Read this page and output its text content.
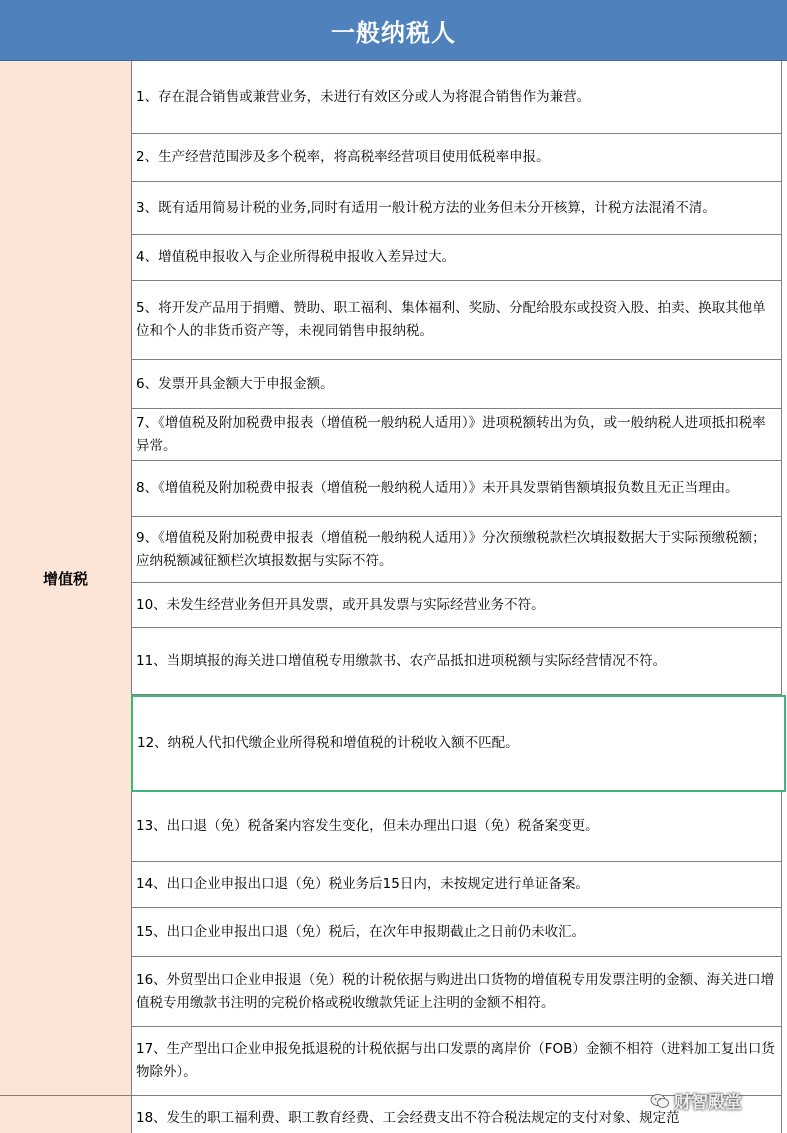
一般纳税人
增值税
1、存在混合销售或兼营业务，未进行有效区分或人为将混合销售作为兼营。
2、生产经营范围涉及多个税率，将高税率经营项目使用低税率申报。
3、既有适用简易计税的业务,同时有适用一般计税方法的业务但未分开核算，计税方法混淆不清。
4、增值税申报收入与企业所得税申报收入差异过大。
5、将开发产品用于捐赠、赞助、职工福利、集体福利、奖励、分配给股东或投资入股、拍卖、换取其他单位和个人的非货币资产等，未视同销售申报纳税。
6、发票开具金额大于申报金额。
7、《增值税及附加税费申报表（增值税一般纳税人适用）》进项税额转出为负，或一般纳税人进项抵扣税率异常。
8、《增值税及附加税费申报表（增值税一般纳税人适用）》未开具发票销售额填报负数且无正当理由。
9、《增值税及附加税费申报表（增值税一般纳税人适用）》分次预缴税款栏次填报数据大于实际预缴税额；应纳税额减征额栏次填报数据与实际不符。
10、未发生经营业务但开具发票，或开具发票与实际经营业务不符。
11、当期填报的海关进口增值税专用缴款书、农产品抵扣进项税额与实际经营情况不符。
12、纳税人代扣代缴企业所得税和增值税的计税收入额不匹配。
13、出口退（免）税备案内容发生变化，但未办理出口退（免）税备案变更。
14、出口企业申报出口退（免）税业务后15日内，未按规定进行单证备案。
15、出口企业申报出口退（免）税后，在次年申报期截止之日前仍未收汇。
16、外贸型出口企业申报退（免）税的计税依据与购进出口货物的增值税专用发票注明的金额、海关进口增值税专用缴款书注明的完税价格或税收缴款凭证上注明的金额不相符。
17、生产型出口企业申报免抵退税的计税依据与出口发票的离岸价（FOB）金额不相符（进料加工复出口货物除外）。
18、发生的职工福利费、职工教育经费、工会经费支出不符合税法规定的支付对象、规定范
财智殿堂
